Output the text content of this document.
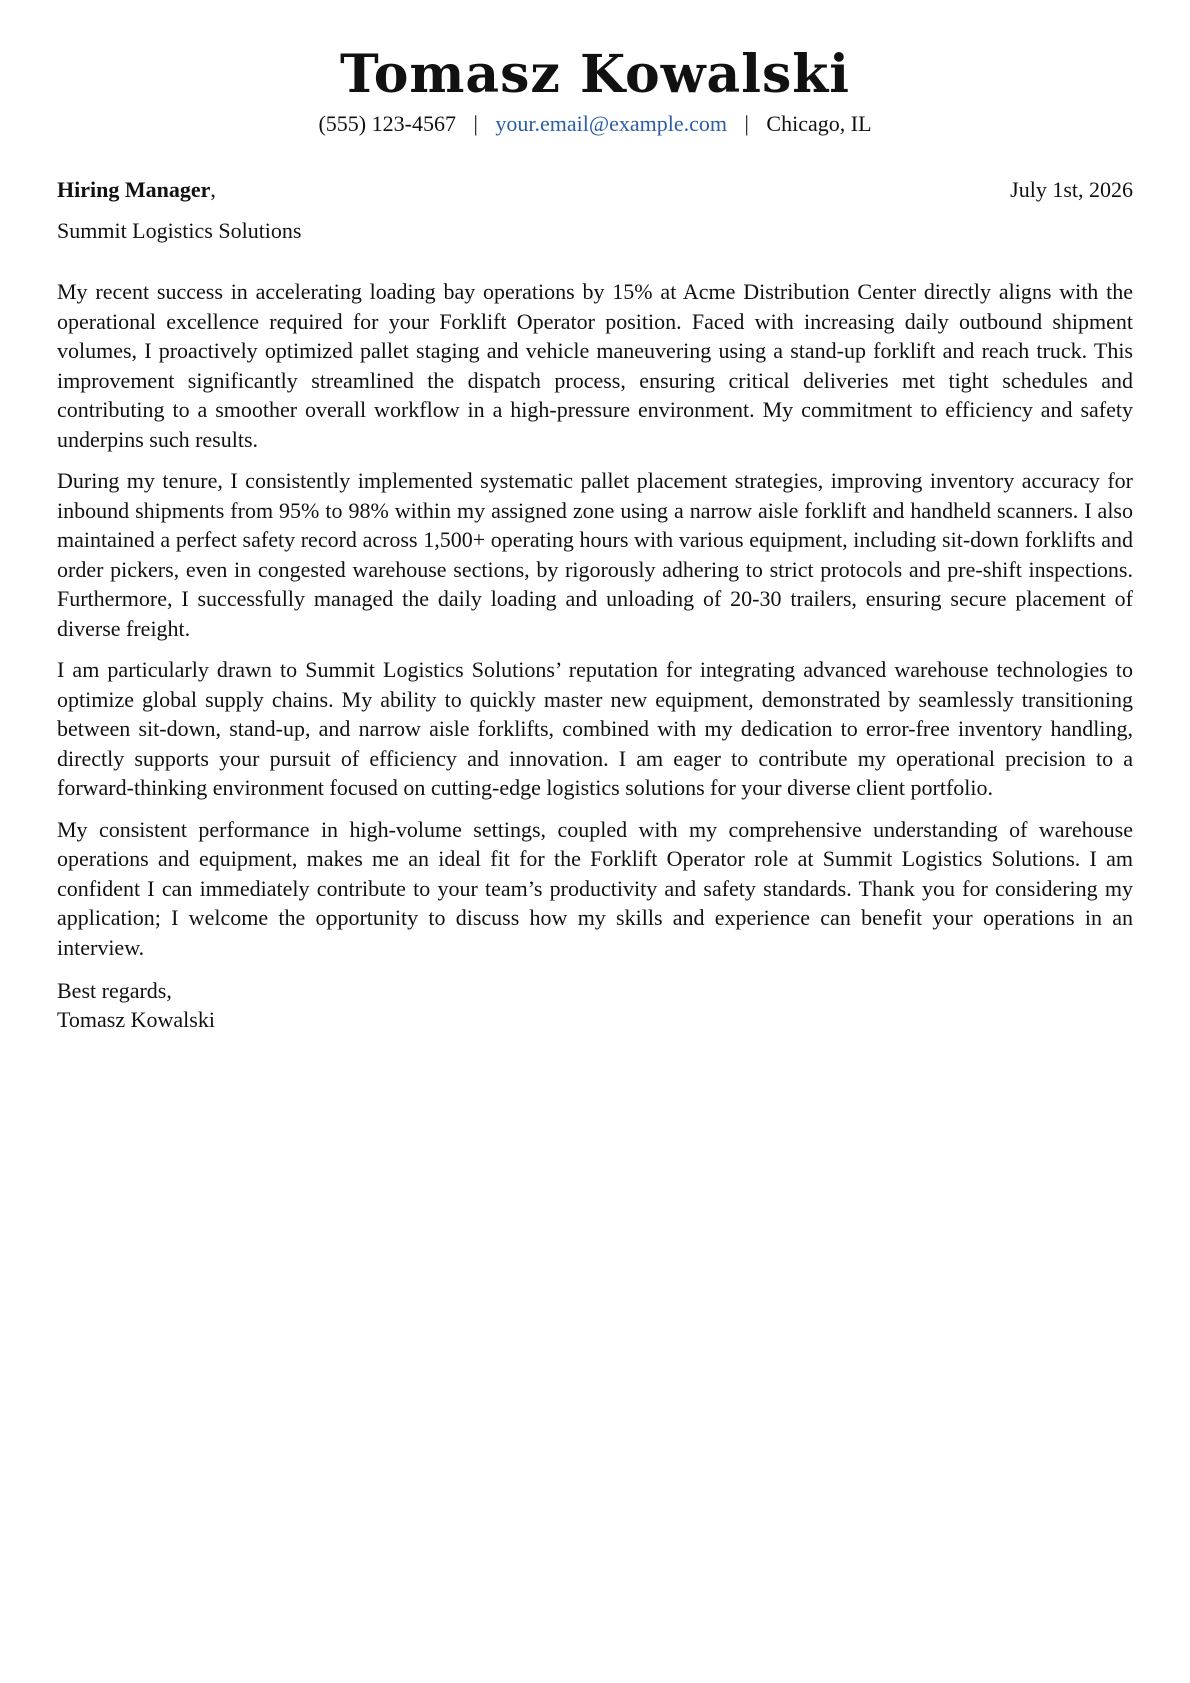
Tomasz Kowalski
(555) 123-4567 | your.email@example.com | Chicago, IL
Hiring Manager,	July 1st, 2026
Summit Logistics Solutions

My recent success in accelerating loading bay operations by 15% at Acme Distribution Center directly aligns with the operational excellence required for your Forklift Operator position. Faced with increasing daily outbound shipment volumes, I proactively optimized pallet staging and vehicle maneuvering using a stand-up forklift and reach truck. This improvement significantly streamlined the dispatch process, ensuring critical deliveries met tight schedules and contributing to a smoother overall workflow in a high-pressure environment. My commitment to efficiency and safety underpins such results.

During my tenure, I consistently implemented systematic pallet placement strategies, improving inventory accuracy for inbound shipments from 95% to 98% within my assigned zone using a narrow aisle forklift and handheld scanners. I also maintained a perfect safety record across 1,500+ operating hours with various equipment, including sit-down forklifts and order pickers, even in congested warehouse sections, by rigorously adhering to strict protocols and pre-shift inspections. Furthermore, I successfully managed the daily loading and unloading of 20-30 trailers, ensuring secure placement of diverse freight.

I am particularly drawn to Summit Logistics Solutions’ reputation for integrating advanced warehouse technologies to optimize global supply chains. My ability to quickly master new equipment, demonstrated by seamlessly transitioning between sit-down, stand-up, and narrow aisle forklifts, combined with my dedication to error-free inventory handling, directly supports your pursuit of efficiency and innovation. I am eager to contribute my operational precision to a forward-thinking environment focused on cutting-edge logistics solutions for your diverse client portfolio.

My consistent performance in high-volume settings, coupled with my comprehensive understanding of warehouse operations and equipment, makes me an ideal fit for the Forklift Operator role at Summit Logistics Solutions. I am confident I can immediately contribute to your team’s productivity and safety standards. Thank you for considering my application; I welcome the opportunity to discuss how my skills and experience can benefit your operations in an interview.

Best regards,
Tomasz Kowalski
